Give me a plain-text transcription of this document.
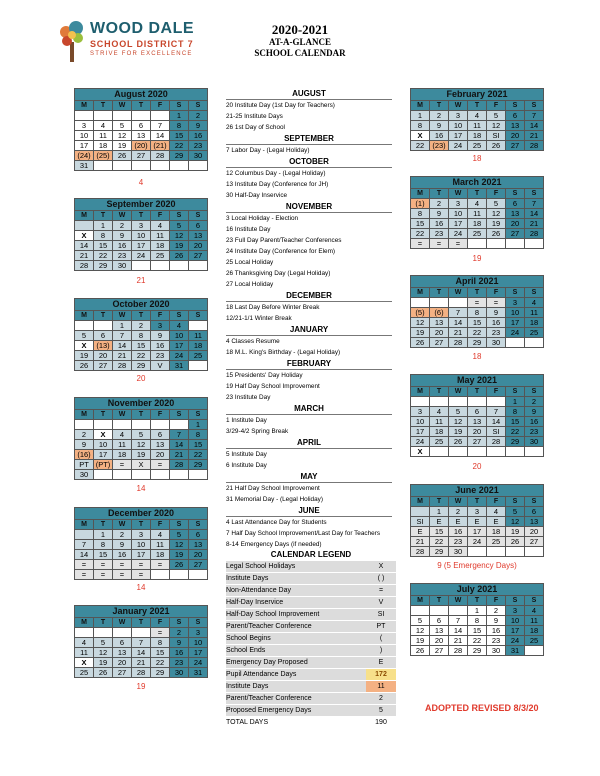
WOOD DALE
SCHOOL DISTRICT 7
STRIVE FOR EXCELLENCE
2020-2021
AT-A-GLANCE
SCHOOL CALENDAR
AUGUST
20 Institute Day (1st Day for Teachers)
21-25 Institute Days
26 1st Day of School
SEPTEMBER
7 Labor Day - (Legal Holiday)
OCTOBER
12 Columbus Day - (Legal Holiday)
13 Institute Day (Conference for JH)
30 Half-Day Inservice
NOVEMBER
3 Local Holiday - Election
16 Institute Day
23 Full Day Parent/Teacher Conferences
24 Institute Day (Conference for Elem)
25 Local Holiday
26 Thanksgiving Day (Legal Holiday)
27 Local Holiday
DECEMBER
18 Last Day Before Winter Break
12/21-1/1 Winter Break
JANUARY
4 Classes Resume
18 M.L. King's Birthday - (Legal Holiday)
FEBRUARY
15 Presidents' Day Holiday
19 Half Day School Improvement
23 Institute Day
MARCH
1 Institute Day
3/29-4/2 Spring Break
APRIL
5 Institute Day
6 Institute Day
MAY
21 Half Day School Improvement
31 Memorial Day - (Legal Holiday)
JUNE
4 Last Attendance Day for Students
7 Half Day School Improvement/Last Day for Teachers
8-14 Emergency Days (if needed)
CALENDAR LEGEND
Legal School Holidays	X
Institute Days	( )
Non-Attendance Day	=
Half-Day Inservice	V
Half-Day School Improvement	SI
Parent/Teacher Conference	PT
School Begins	(
School Ends	)
Emergency Day Proposed	E
Pupil Attendance Days	172
Institute Days	11
Parent/Teacher Conference	2
Proposed Emergency Days	5
TOTAL DAYS	190
ADOPTED REVISED 8/3/20
August 2020						
M	T	W	T	F	S	S
					1	2
3	4	5	6	7	8	9
10	11	12	13	14	15	16
17	18	19	(20)	(21)	22	23
(24)	(25)	26	27	28	29	30
31						
4
September 2020						
M	T	W	T	F	S	S
	1	2	3	4	5	6
X	8	9	10	11	12	13
14	15	16	17	18	19	20
21	22	23	24	25	26	27
28	29	30				
21
October 2020						
M	T	W	T	F	S	S
		1	2	3	4	
5	6	7	8	9	10	11
X	(13)	14	15	16	17	18
19	20	21	22	23	24	25
26	27	28	29	V	31	
20
November 2020						
M	T	W	T	F	S	S
						1
2	X	4	5	6	7	8
9	10	11	12	13	14	15
(16)	17	18	19	20	21	22
PT	(PT)	=	X	=	28	29
30						
14
December 2020						
M	T	W	T	F	S	S
	1	2	3	4	5	6
7	8	9	10	11	12	13
14	15	16	17	18	19	20
=	=	=	=	=	26	27
=	=	=	=			
14
January 2021						
M	T	W	T	F	S	S
				=	2	3
4	5	6	7	8	9	10
11	12	13	14	15	16	17
X	19	20	21	22	23	24
25	26	27	28	29	30	31
19
February 2021						
M	T	W	T	F	S	S
1	2	3	4	5	6	7
8	9	10	11	12	13	14
X	16	17	18	SI	20	21
22	(23)	24	25	26	27	28
18
March 2021						
M	T	W	T	F	S	S
(1)	2	3	4	5	6	7
8	9	10	11	12	13	14
15	16	17	18	19	20	21
22	23	24	25	26	27	28
=	=	=				
19
April 2021						
M	T	W	T	F	S	S
			=	=	3	4
(5)	(6)	7	8	9	10	11
12	13	14	15	16	17	18
19	20	21	22	23	24	25
26	27	28	29	30		
18
May 2021						
M	T	W	T	F	S	S
					1	2
3	4	5	6	7	8	9
10	11	12	13	14	15	16
17	18	19	20	SI	22	23
24	25	26	27	28	29	30
X						
20
June 2021						
M	T	W	T	F	S	S
	1	2	3	4	5	6
SI	E	E	E	E	12	13
E	15	16	17	18	19	20
21	22	23	24	25	26	27
28	29	30				
9 (5 Emergency Days)
July 2021						
M	T	W	T	F	S	S
			1	2	3	4
5	6	7	8	9	10	11
12	13	14	15	16	17	18
19	20	21	22	23	24	25
26	27	28	29	30	31	
